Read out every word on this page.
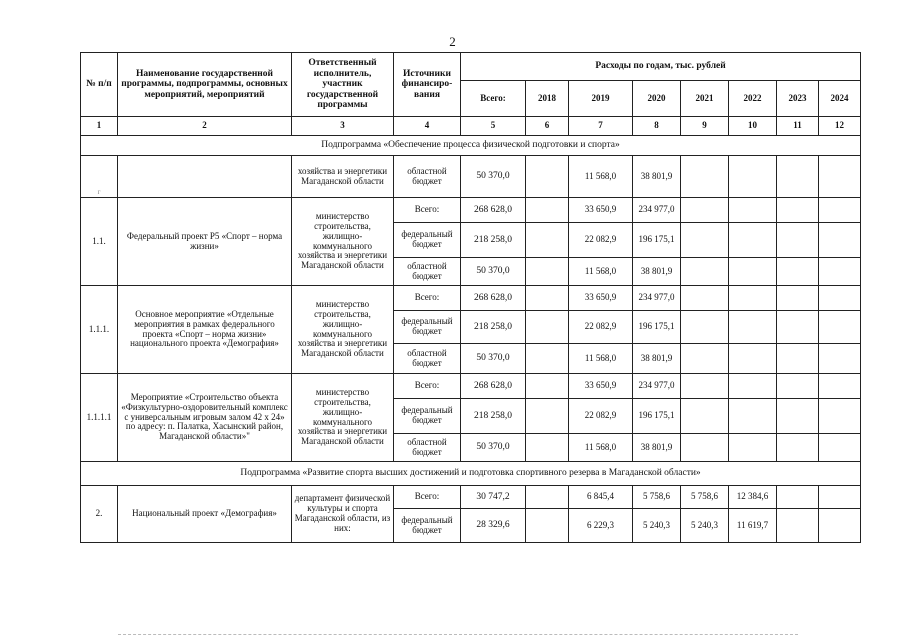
2
№ п/п	Наименование государственной программы, подпрограммы, основных мероприятий, мероприятий	Ответственный исполнитель, участник государственной программы	Источники финансиро-вания	Расходы по годам, тыс. рублей							
				Всего:	2018	2019	2020	2021	2022	2023	2024
1	2	3	4	5	6	7	8	9	10	11	12
Подпрограмма «Обеспечение процесса физической подготовки и спорта»											
г		хозяйства и энергетики Магаданской области	областной бюджет	50 370,0		11 568,0	38 801,9				
1.1.	Федеральный проект P5 «Спорт – норма жизни»	министерство строительства, жилищно-коммунального хозяйства и энергетики Магаданской области	Всего:	268 628,0		33 650,9	234 977,0				
			федеральный бюджет	218 258,0		22 082,9	196 175,1				
			областной бюджет	50 370,0		11 568,0	38 801,9				
1.1.1.	Основное мероприятие «Отдельные мероприятия в рамках федерального проекта «Спорт – норма жизни» национального проекта «Демография»	министерство строительства, жилищно-коммунального хозяйства и энергетики Магаданской области	Всего:	268 628,0		33 650,9	234 977,0				
			федеральный бюджет	218 258,0		22 082,9	196 175,1				
			областной бюджет	50 370,0		11 568,0	38 801,9				
1.1.1.1	Мероприятие «Строительство объекта «Физкультурно-оздоровительный комплекс с универсальным игровым залом 42 х 24» по адресу: п. Палатка, Хасынский район, Магаданской области»"	министерство строительства, жилищно-коммунального хозяйства и энергетики Магаданской области	Всего:	268 628,0		33 650,9	234 977,0				
			федеральный бюджет	218 258,0		22 082,9	196 175,1				
			областной бюджет	50 370,0		11 568,0	38 801,9				
Подпрограмма «Развитие спорта высших достижений и подготовка спортивного резерва в Магаданской области»											
2.	Национальный проект «Демография»	департамент физической культуры и спорта Магаданской области, из них:	Всего:	30 747,2		6 845,4	5 758,6	5 758,6	12 384,6		
			федеральный бюджет	28 329,6		6 229,3	5 240,3	5 240,3	11 619,7		
